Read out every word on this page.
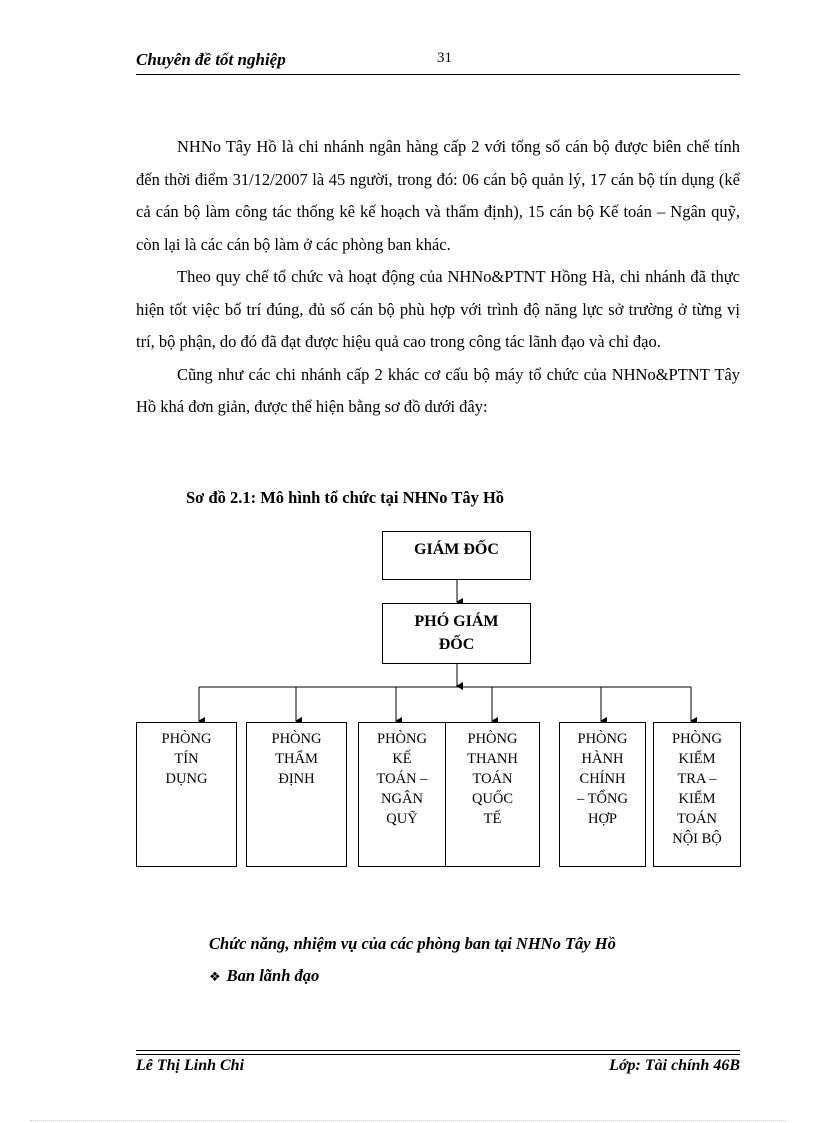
Chuyên đề tốt nghiệp	31

NHNo Tây Hồ là chi nhánh ngân hàng cấp 2 với tổng số cán bộ được biên chế tính đến thời điểm 31/12/2007 là 45 người, trong đó: 06 cán bộ quản lý, 17 cán bộ tín dụng (kể cả cán bộ làm công tác thống kê kế hoạch và thẩm định), 15 cán bộ Kế toán – Ngân quỹ, còn lại là các cán bộ làm ở các phòng ban khác.

Theo quy chế tổ chức và hoạt động của NHNo&PTNT Hồng Hà, chi nhánh đã thực hiện tốt việc bố trí đúng, đủ số cán bộ phù hợp với trình độ năng lực sở trường ở từng vị trí, bộ phận, do đó đã đạt được hiệu quả cao trong công tác lãnh đạo và chỉ đạo.

Cũng như các chi nhánh cấp 2 khác cơ cấu bộ máy tổ chức của NHNo&PTNT Tây Hồ khá đơn giản, được thể hiện bằng sơ đồ dưới đây:

Sơ đồ 2.1: Mô hình tổ chức tại NHNo Tây Hồ
GIÁM ĐỐC
PHÓ GIÁM
ĐỐC
PHÒNG
TÍN
DỤNG
PHÒNG
THẨM
ĐỊNH
PHÒNG
KẾ
TOÁN –
NGÂN
QUỸ
PHÒNG
THANH
TOÁN
QUỐC
TẾ
PHÒNG
HÀNH
CHÍNH
– TỔNG
HỢP
PHÒNG
KIỂM
TRA –
KIỂM
TOÁN
NỘI BỘ
Chức năng, nhiệm vụ của các phòng ban tại NHNo Tây Hồ
❖ Ban lãnh đạo
Lê Thị Linh Chi	Lớp: Tài chính 46B
